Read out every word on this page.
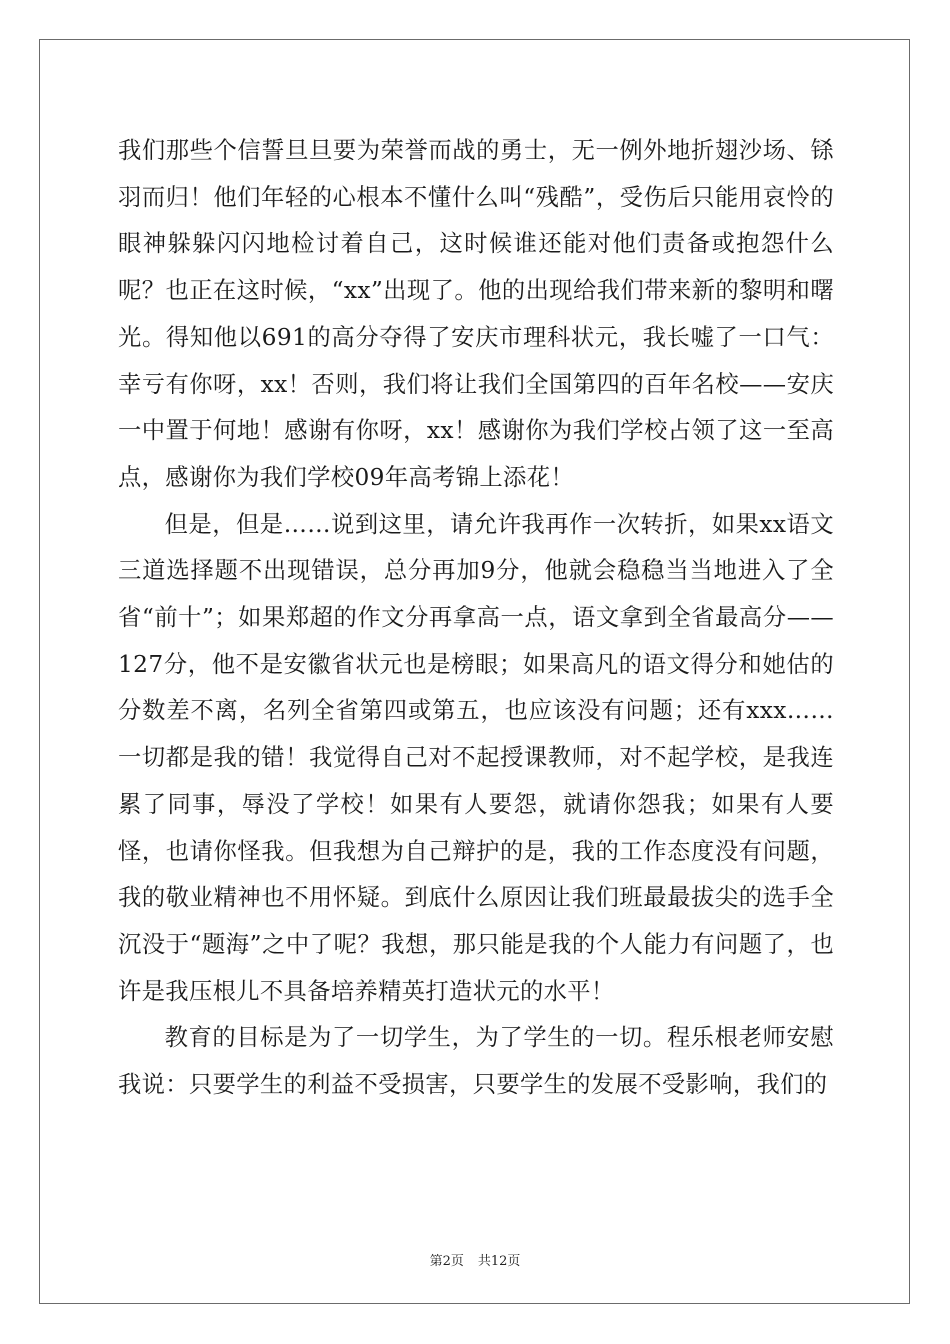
我们那些个信誓旦旦要为荣誉而战的勇士，无一例外地折翅沙场、铩羽而归！他们年轻的心根本不懂什么叫“残酷”，受伤后只能用哀怜的眼神躲躲闪闪地检讨着自己，这时候谁还能对他们责备或抱怨什么呢？也正在这时候，“xx”出现了。他的出现给我们带来新的黎明和曙光。得知他以691的高分夺得了安庆市理科状元，我长嘘了一口气：幸亏有你呀，xx！否则，我们将让我们全国第四的百年名校——安庆一中置于何地！感谢有你呀，xx！感谢你为我们学校占领了这一至高点，感谢你为我们学校09年高考锦上添花！

但是，但是……说到这里，请允许我再作一次转折，如果xx语文三道选择题不出现错误，总分再加9分，他就会稳稳当当地进入了全省“前十”；如果郑超的作文分再拿高一点，语文拿到全省最高分——127分，他不是安徽省状元也是榜眼；如果高凡的语文得分和她估的分数差不离，名列全省第四或第五，也应该没有问题；还有xxx……一切都是我的错！我觉得自己对不起授课教师，对不起学校，是我连累了同事，辱没了学校！如果有人要怨，就请你怨我；如果有人要怪，也请你怪我。但我想为自己辩护的是，我的工作态度没有问题，我的敬业精神也不用怀疑。到底什么原因让我们班最最拔尖的选手全沉没于“题海”之中了呢？我想，那只能是我的个人能力有问题了，也许是我压根儿不具备培养精英打造状元的水平！

教育的目标是为了一切学生，为了学生的一切。程乐根老师安慰我说：只要学生的利益不受损害，只要学生的发展不受影响，我们的

第2页 共12页
